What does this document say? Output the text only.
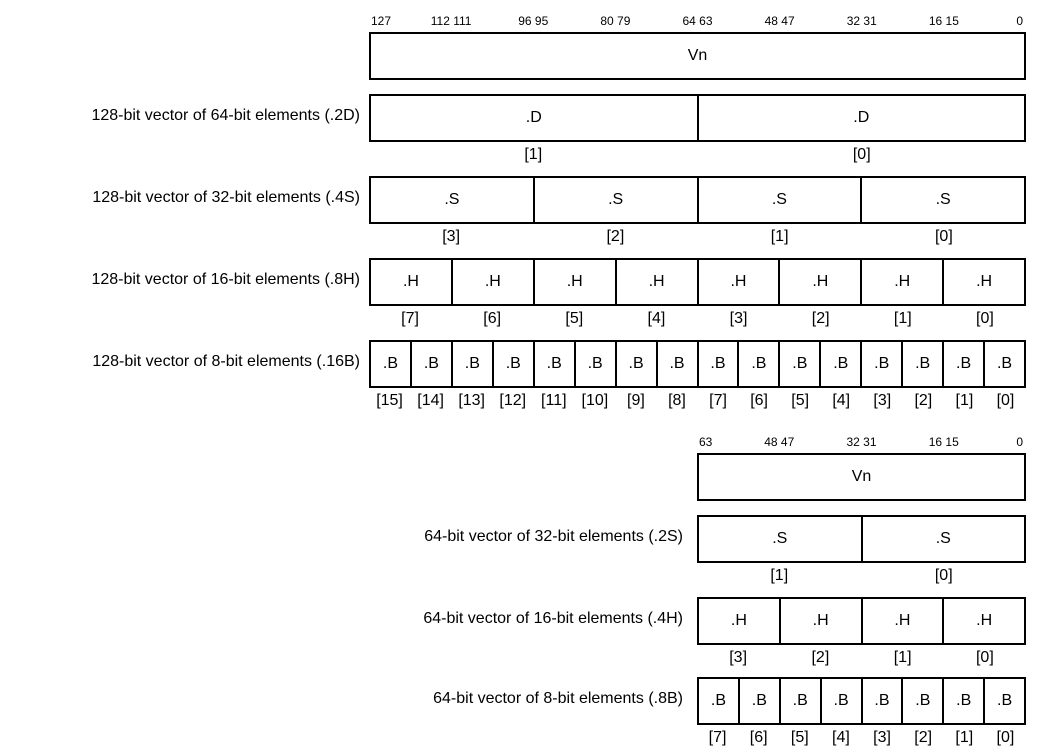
127	112 111	96 95	80 79	64 63	48 47	32 31	16 15	0
Vn
128-bit vector of 64-bit elements (.2D)	.D	.D
[1]	[0]
128-bit vector of 32-bit elements (.4S)	.S	.S	.S	.S
[3]	[2]	[1]	[0]
128-bit vector of 16-bit elements (.8H)	.H	.H	.H	.H	.H	.H	.H	.H
[7]	[6]	[5]	[4]	[3]	[2]	[1]	[0]
128-bit vector of 8-bit elements (.16B)	.B	.B	.B	.B	.B	.B	.B	.B	.B	.B	.B	.B	.B	.B	.B	.B
[15] [14] [13] [12] [11] [10]	[9]	[8]	[7]	[6]	[5]	[4]	[3]	[2]	[1]	[0]
63	48 47	32 31	16 15	0
Vn
64-bit vector of 32-bit elements (.2S)	.S	.S
[1]	[0]
64-bit vector of 16-bit elements (.4H)	.H	.H	.H	.H
[3]	[2]	[1]	[0]
64-bit vector of 8-bit elements (.8B)	.B	.B	.B	.B	.B	.B	.B	.B
[7]	[6]	[5]	[4]	[3]	[2]	[1]	[0]
